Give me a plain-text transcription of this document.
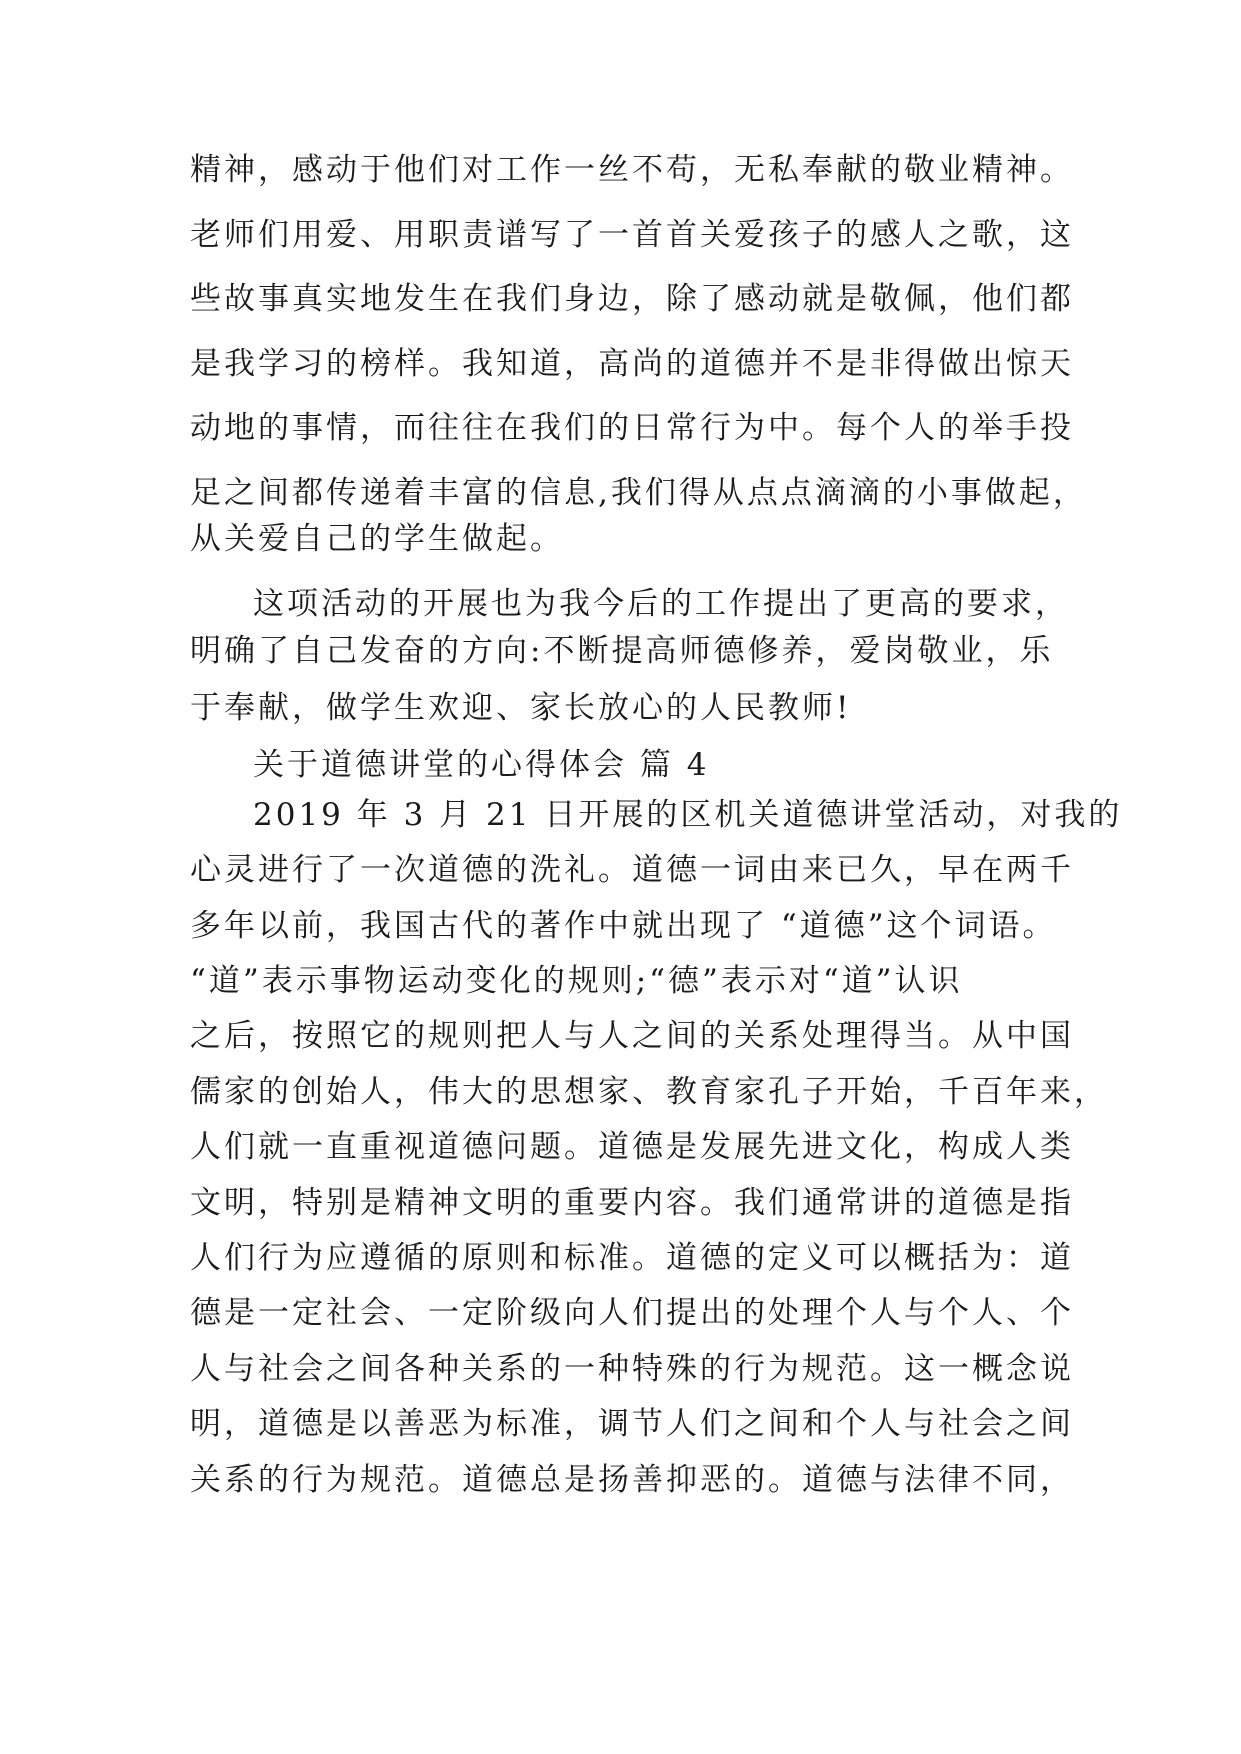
精神，感动于他们对工作一丝不苟，无私奉献的敬业精神。
老师们用爱、用职责谱写了一首首关爱孩子的感人之歌，这
些故事真实地发生在我们身边，除了感动就是敬佩，他们都
是我学习的榜样。我知道，高尚的道德并不是非得做出惊天
动地的事情，而往往在我们的日常行为中。每个人的举手投
足之间都传递着丰富的信息,我们得从点点滴滴的小事做起，
从关爱自己的学生做起。
这项活动的开展也为我今后的工作提出了更高的要求，
明确了自己发奋的方向:不断提高师德修养，爱岗敬业，乐
于奉献，做学生欢迎、家长放心的人民教师!
关于道德讲堂的心得体会 篇 4
2019 年 3 月 21 日开展的区机关道德讲堂活动，对我的
心灵进行了一次道德的洗礼。道德一词由来已久，早在两千
多年以前，我国古代的著作中就出现了 “道德”这个词语。
“道”表示事物运动变化的规则;“德”表示对“道”认识
之后，按照它的规则把人与人之间的关系处理得当。从中国
儒家的创始人，伟大的思想家、教育家孔子开始，千百年来，
人们就一直重视道德问题。道德是发展先进文化，构成人类
文明，特别是精神文明的重要内容。我们通常讲的道德是指
人们行为应遵循的原则和标准。道德的定义可以概括为：道
德是一定社会、一定阶级向人们提出的处理个人与个人、个
人与社会之间各种关系的一种特殊的行为规范。这一概念说
明，道德是以善恶为标准，调节人们之间和个人与社会之间
关系的行为规范。道德总是扬善抑恶的。道德与法律不同，
